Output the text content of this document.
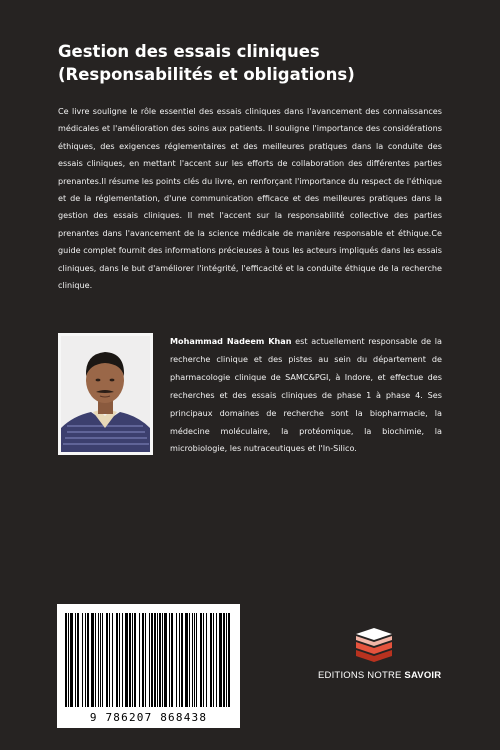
Gestion des essais cliniques
(Responsabilités et obligations)

Ce livre souligne le rôle essentiel des essais cliniques dans l'avancement des connaissances médicales et l'amélioration des soins aux patients. Il souligne l'importance des considérations éthiques, des exigences réglementaires et des meilleures pratiques dans la conduite des essais cliniques, en mettant l'accent sur les efforts de collaboration des différentes parties prenantes.Il résume les points clés du livre, en renforçant l'importance du respect de l'éthique et de la réglementation, d'une communication efficace et des meilleures pratiques dans la gestion des essais cliniques. Il met l'accent sur la responsabilité collective des parties prenantes dans l'avancement de la science médicale de manière responsable et éthique.Ce guide complet fournit des informations précieuses à tous les acteurs impliqués dans les essais cliniques, dans le but d'améliorer l'intégrité, l'efficacité et la conduite éthique de la recherche clinique.

Mohammad Nadeem Khan est actuellement responsable de la recherche clinique et des pistes au sein du département de pharmacologie clinique de SAMC&PGI, à Indore, et effectue des recherches et des essais cliniques de phase 1 à phase 4. Ses principaux domaines de recherche sont la biopharmacie, la médecine moléculaire, la protéomique, la biochimie, la microbiologie, les nutraceutiques et l'In-Silico.

9 786207 868438
EDITIONS NOTRE SAVOIR
